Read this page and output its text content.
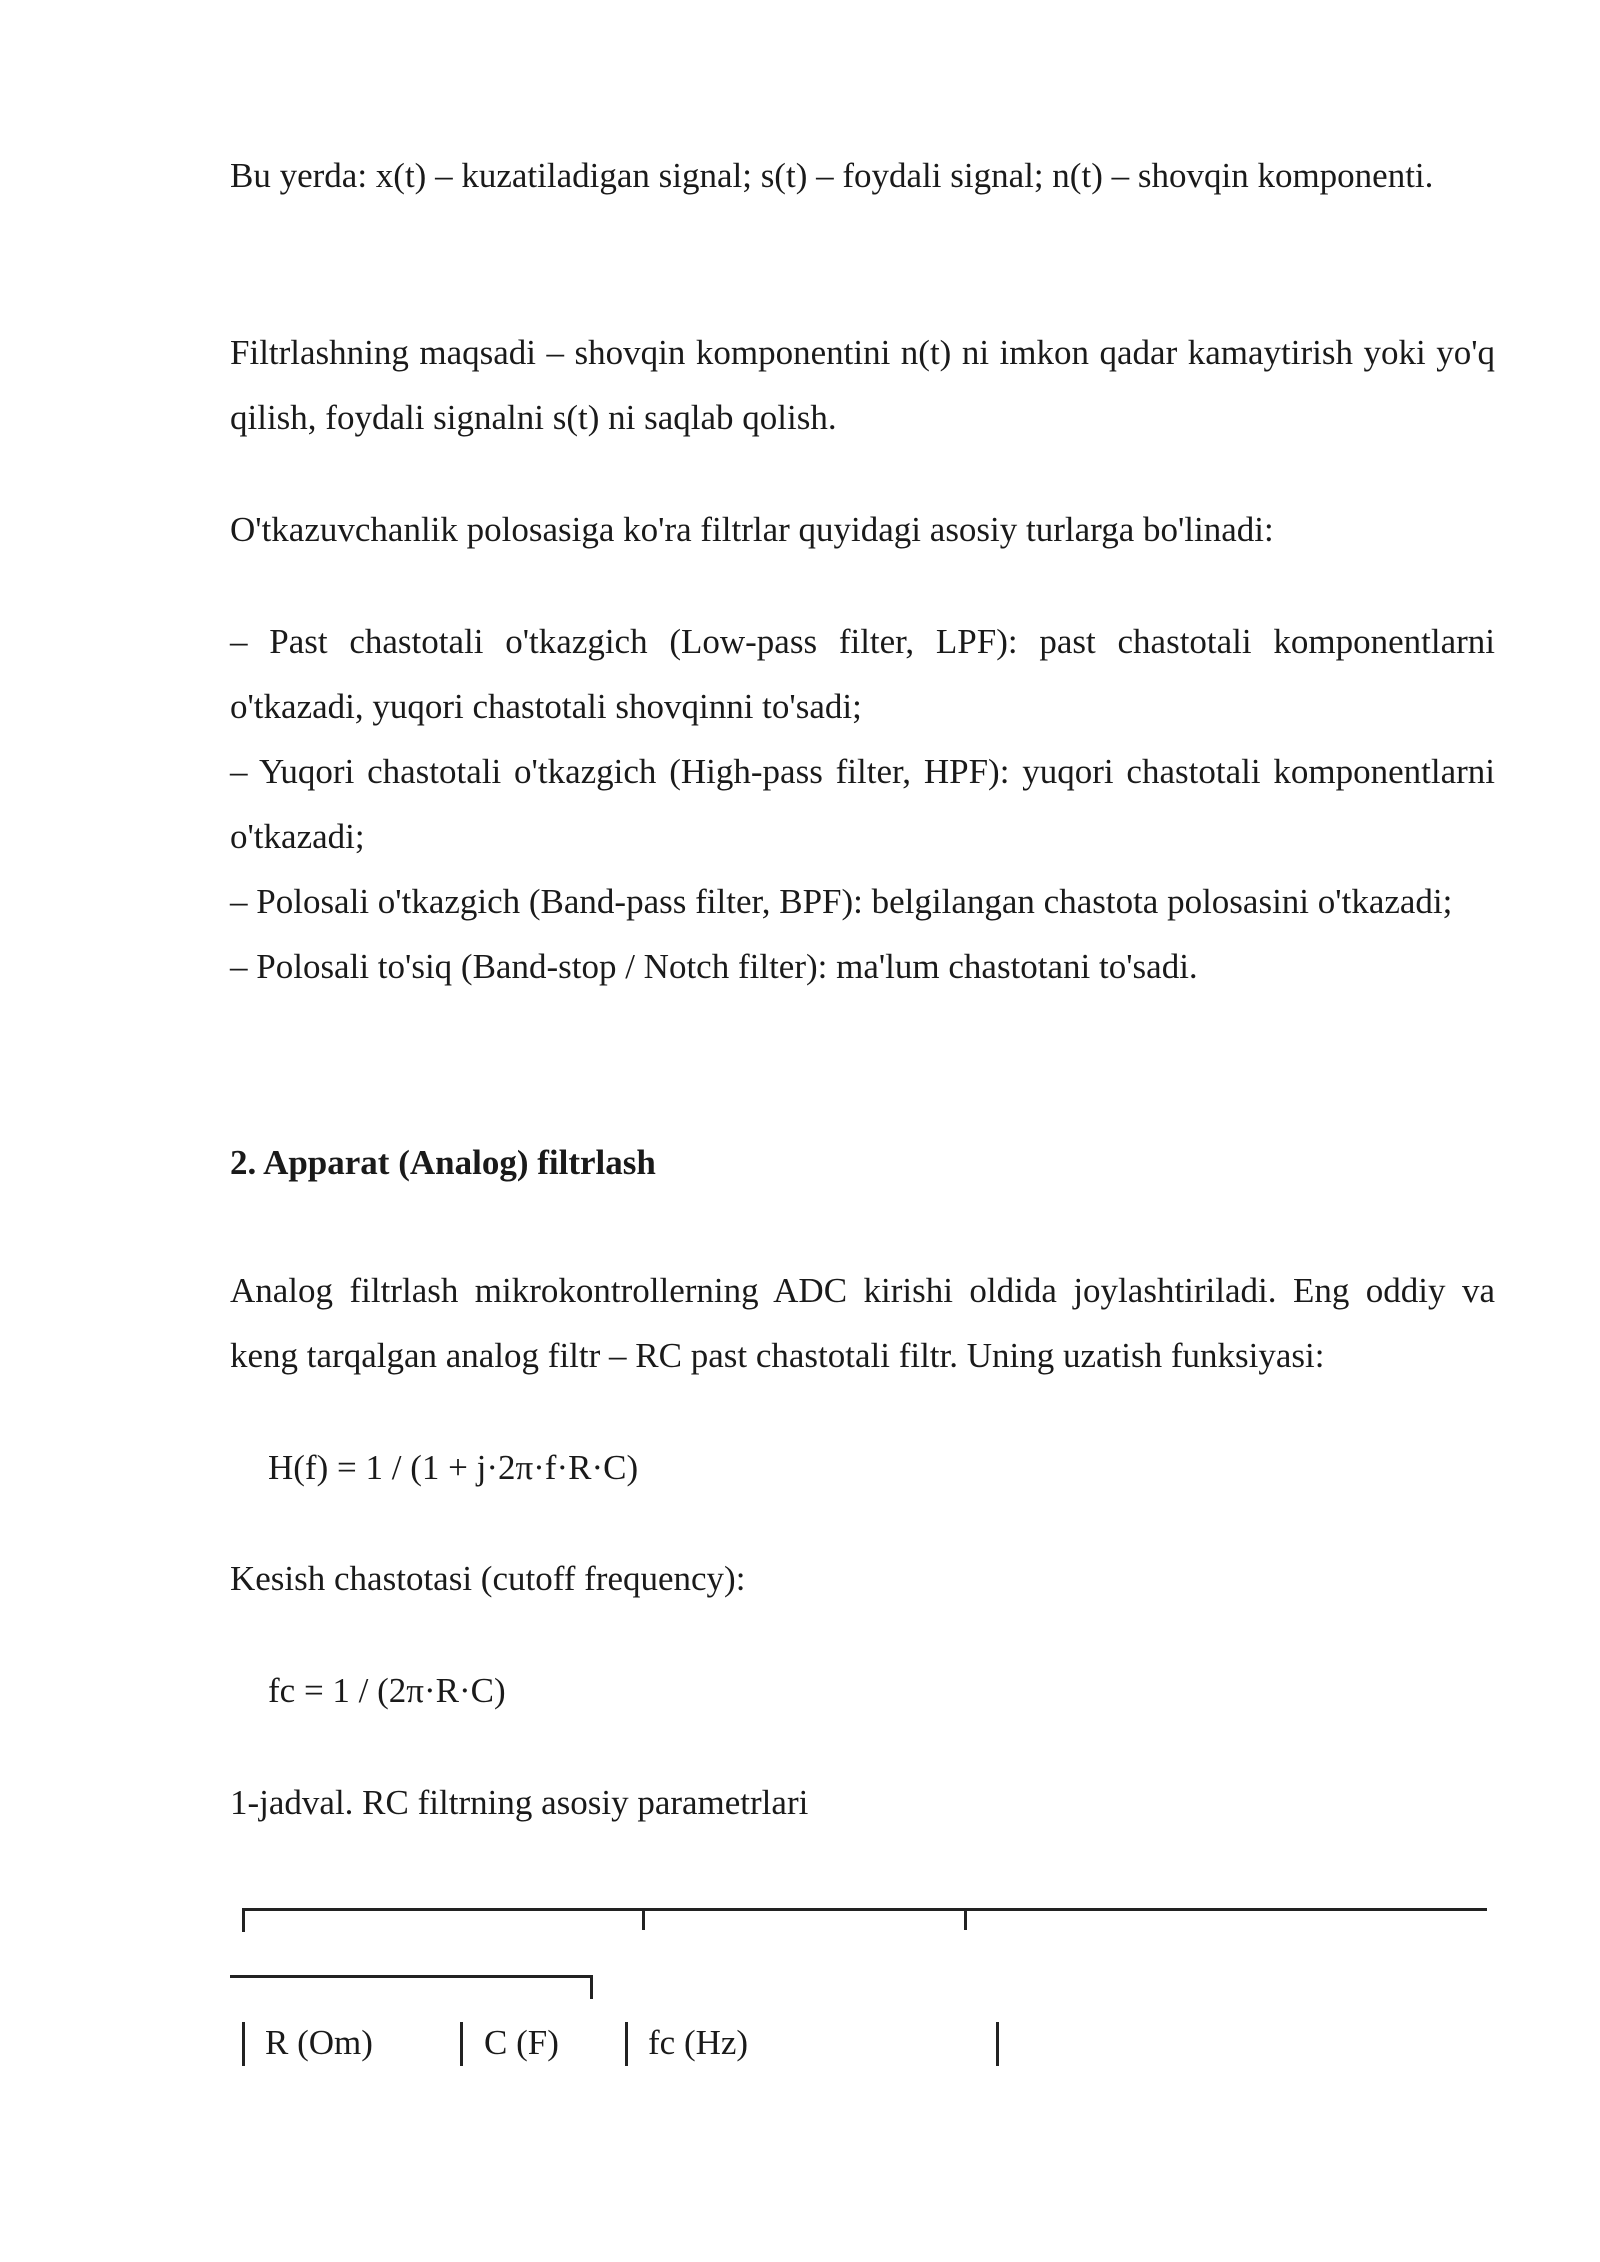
Bu yerda: x(t) – kuzatiladigan signal; s(t) – foydali signal; n(t) – shovqin komponenti.

Filtrlashning maqsadi – shovqin komponentini n(t) ni imkon qadar kamaytirish yoki yo'q qilish, foydali signalni s(t) ni saqlab qolish.

O'tkazuvchanlik polosasiga ko'ra filtrlar quyidagi asosiy turlarga bo'linadi:

– Past chastotali o'tkazgich (Low-pass filter, LPF): past chastotali komponentlarni o'tkazadi, yuqori chastotali shovqinni to'sadi;
– Yuqori chastotali o'tkazgich (High-pass filter, HPF): yuqori chastotali komponentlarni o'tkazadi;
– Polosali o'tkazgich (Band-pass filter, BPF): belgilangan chastota polosasini o'tkazadi;
– Polosali to'siq (Band-stop / Notch filter): ma'lum chastotani to'sadi.
2. Apparat (Analog) filtrlash

Analog filtrlash mikrokontrollerning ADC kirishi oldida joylashtiriladi. Eng oddiy va keng tarqalgan analog filtr – RC past chastotali filtr. Uning uzatish funksiyasi:

H(f) = 1 / (1 + j·2π·f·R·C)

Kesish chastotasi (cutoff frequency):

fc = 1 / (2π·R·C)

1-jadval. RC filtrning asosiy parametrlari

R (Om)	C (F)	fc (Hz)
